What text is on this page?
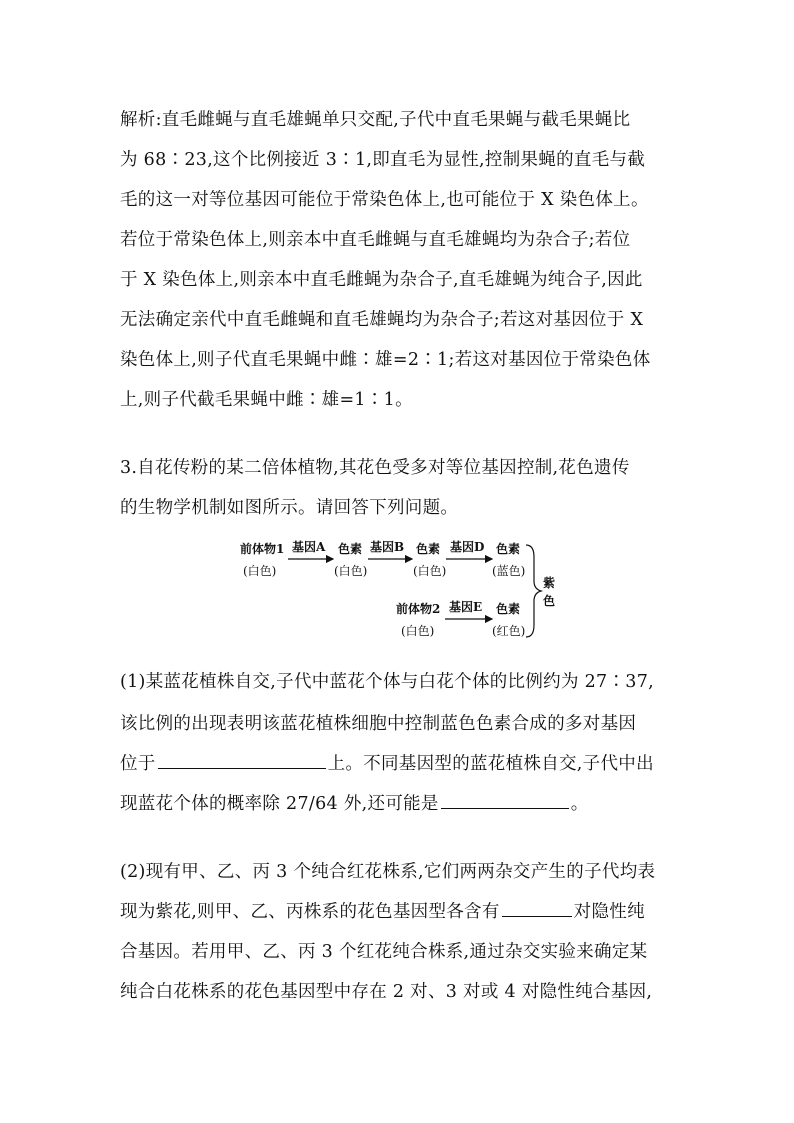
解析:直毛雌蝇与直毛雄蝇单只交配,子代中直毛果蝇与截毛果蝇比
为 68∶23,这个比例接近 3∶1,即直毛为显性,控制果蝇的直毛与截
毛的这一对等位基因可能位于常染色体上,也可能位于 X 染色体上。
若位于常染色体上,则亲本中直毛雌蝇与直毛雄蝇均为杂合子;若位
于 X 染色体上,则亲本中直毛雌蝇为杂合子,直毛雄蝇为纯合子,因此
无法确定亲代中直毛雌蝇和直毛雄蝇均为杂合子;若这对基因位于 X
染色体上,则子代直毛果蝇中雌∶雄=2∶1;若这对基因位于常染色体
上,则子代截毛果蝇中雌∶雄=1∶1。
3.自花传粉的某二倍体植物,其花色受多对等位基因控制,花色遗传
的生物学机制如图所示。请回答下列问题。
前体物1
(白色)
基因A 色素
(白色)
基因B 色素
(白色)
基因D 色素
(蓝色)
前体物2
(白色)
基因E 色素
(红色)
紫
色
(1)某蓝花植株自交,子代中蓝花个体与白花个体的比例约为 27∶37,
该比例的出现表明该蓝花植株细胞中控制蓝色色素合成的多对基因
位于	上。不同基因型的蓝花植株自交,子代中出
现蓝花个体的概率除 27/64 外,还可能是	。
(2)现有甲、乙、丙 3 个纯合红花株系,它们两两杂交产生的子代均表
现为紫花,则甲、乙、丙株系的花色基因型各含有	对隐性纯
合基因。若用甲、乙、丙 3 个红花纯合株系,通过杂交实验来确定某
纯合白花株系的花色基因型中存在 2 对、3 对或 4 对隐性纯合基因,
